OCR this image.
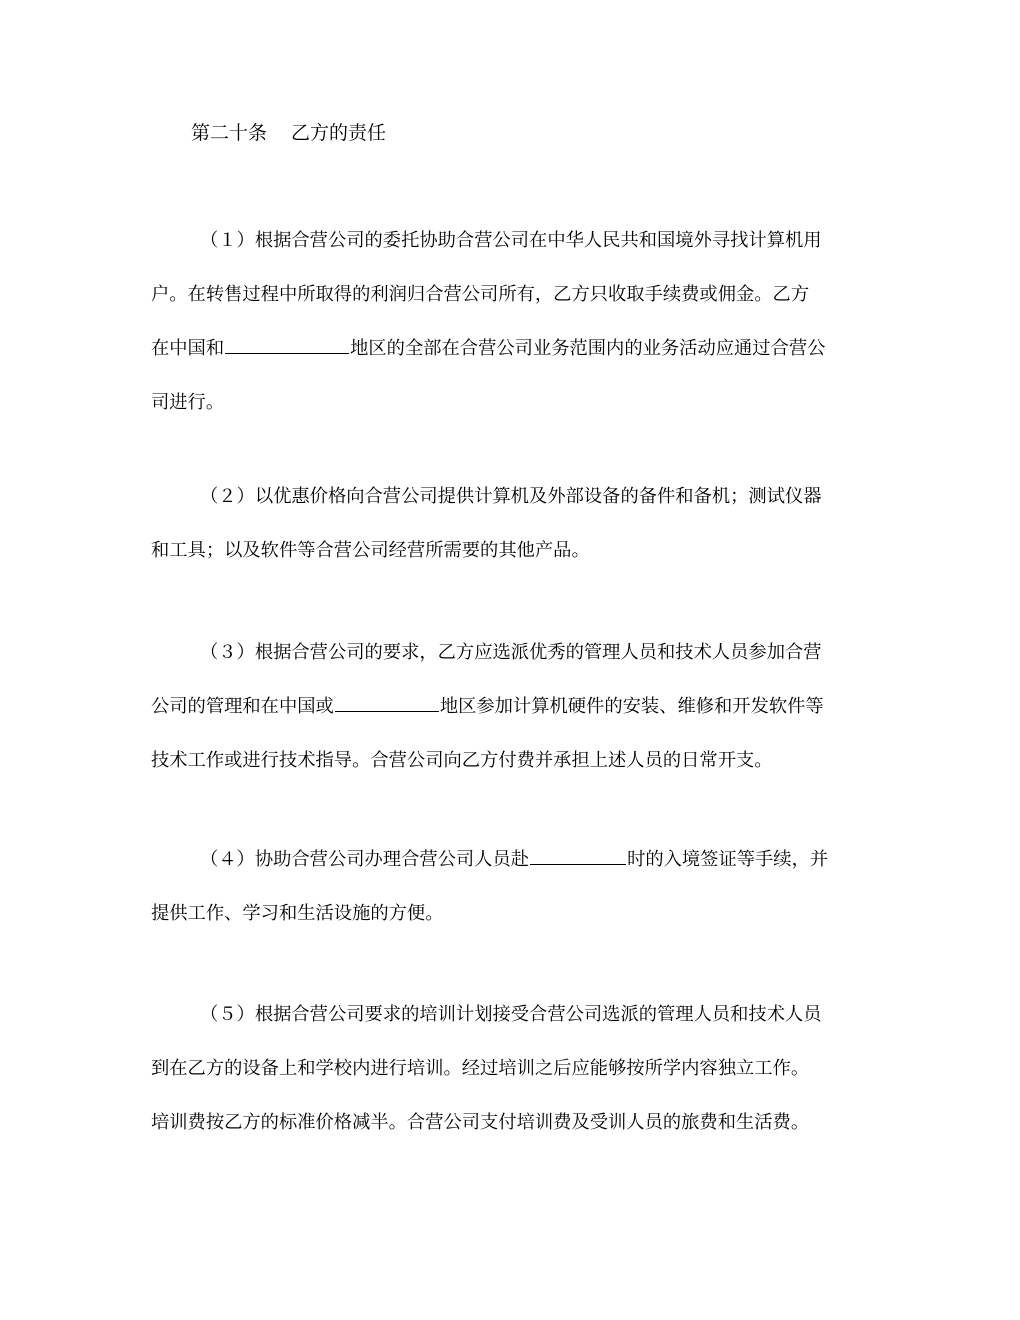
第二十条 乙方的责任
（１）根据合营公司的委托协助合营公司在中华人民共和国境外寻找计算机用
户。在转售过程中所取得的利润归合营公司所有，乙方只收取手续费或佣金。乙方
在中国和	地区的全部在合营公司业务范围内的业务活动应通过合营公
司进行。
（２）以优惠价格向合营公司提供计算机及外部设备的备件和备机；测试仪器
和工具；以及软件等合营公司经营所需要的其他产品。
（３）根据合营公司的要求，乙方应选派优秀的管理人员和技术人员参加合营
公司的管理和在中国或	地区参加计算机硬件的安装、维修和开发软件等
技术工作或进行技术指导。合营公司向乙方付费并承担上述人员的日常开支。
（４）协助合营公司办理合营公司人员赴	时的入境签证等手续，并
提供工作、学习和生活设施的方便。
（５）根据合营公司要求的培训计划接受合营公司选派的管理人员和技术人员
到在乙方的设备上和学校内进行培训。经过培训之后应能够按所学内容独立工作。
培训费按乙方的标准价格减半。合营公司支付培训费及受训人员的旅费和生活费。
